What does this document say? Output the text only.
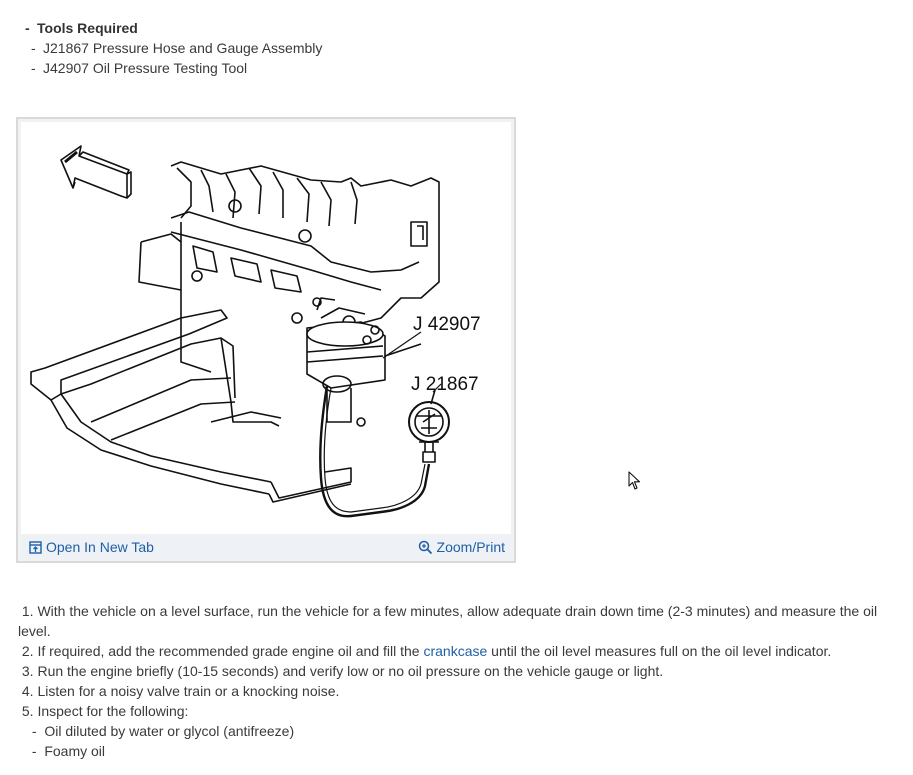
- Tools Required
- J21867 Pressure Hose and Gauge Assembly
- J42907 Oil Pressure Testing Tool
J 42907
J 21867
Open In New Tab	Zoom/Print
1. With the vehicle on a level surface, run the vehicle for a few minutes, allow adequate drain down time (2-3 minutes) and measure the oil
level.
2. If required, add the recommended grade engine oil and fill the crankcase until the oil level measures full on the oil level indicator.
3. Run the engine briefly (10-15 seconds) and verify low or no oil pressure on the vehicle gauge or light.
4. Listen for a noisy valve train or a knocking noise.
5. Inspect for the following:
-  Oil diluted by water or glycol (antifreeze)
-  Foamy oil
